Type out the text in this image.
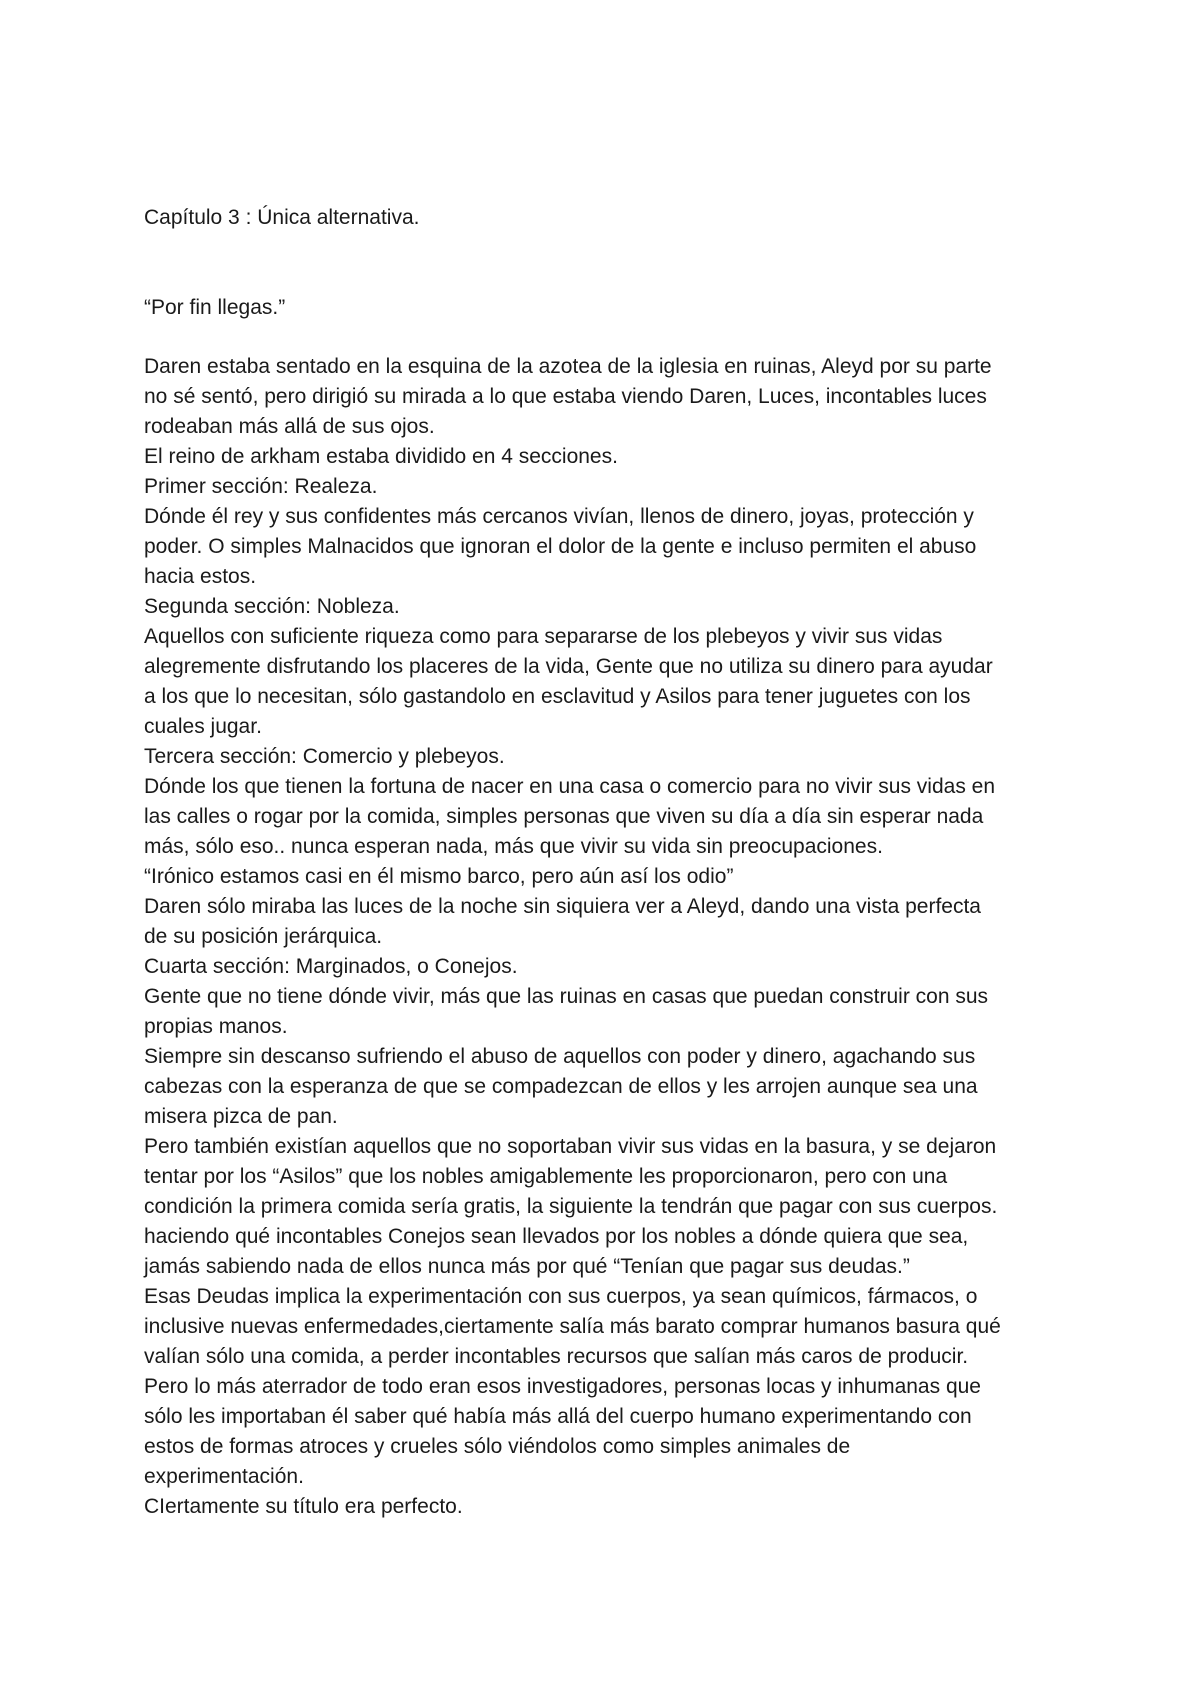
Capítulo 3 : Única alternativa.

“Por fin llegas.”

Daren estaba sentado en la esquina de la azotea de la iglesia en ruinas, Aleyd por su parte
no sé sentó, pero dirigió su mirada a lo que estaba viendo Daren, Luces, incontables luces
rodeaban más allá de sus ojos.
El reino de arkham estaba dividido en 4 secciones.
Primer sección: Realeza.
Dónde él rey y sus confidentes más cercanos vivían, llenos de dinero, joyas, protección y
poder. O simples Malnacidos que ignoran el dolor de la gente e incluso permiten el abuso
hacia estos.
Segunda sección: Nobleza.
Aquellos con suficiente riqueza como para separarse de los plebeyos y vivir sus vidas
alegremente disfrutando los placeres de la vida, Gente que no utiliza su dinero para ayudar
a los que lo necesitan, sólo gastandolo en esclavitud y Asilos para tener juguetes con los
cuales jugar.
Tercera sección: Comercio y plebeyos.
Dónde los que tienen la fortuna de nacer en una casa o comercio para no vivir sus vidas en
las calles o rogar por la comida, simples personas que viven su día a día sin esperar nada
más, sólo eso.. nunca esperan nada, más que vivir su vida sin preocupaciones.
“Irónico estamos casi en él mismo barco, pero aún así los odio”
Daren sólo miraba las luces de la noche sin siquiera ver a Aleyd, dando una vista perfecta
de su posición jerárquica.
Cuarta sección: Marginados, o Conejos.
Gente que no tiene dónde vivir, más que las ruinas en casas que puedan construir con sus
propias manos.
Siempre sin descanso sufriendo el abuso de aquellos con poder y dinero, agachando sus
cabezas con la esperanza de que se compadezcan de ellos y les arrojen aunque sea una
misera pizca de pan.
Pero también existían aquellos que no soportaban vivir sus vidas en la basura, y se dejaron
tentar por los “Asilos” que los nobles amigablemente les proporcionaron, pero con una
condición la primera comida sería gratis, la siguiente la tendrán que pagar con sus cuerpos.
haciendo qué incontables Conejos sean llevados por los nobles a dónde quiera que sea,
jamás sabiendo nada de ellos nunca más por qué “Tenían que pagar sus deudas.”
Esas Deudas implica la experimentación con sus cuerpos, ya sean químicos, fármacos, o
inclusive nuevas enfermedades,ciertamente salía más barato comprar humanos basura qué
valían sólo una comida, a perder incontables recursos que salían más caros de producir.
Pero lo más aterrador de todo eran esos investigadores, personas locas y inhumanas que
sólo les importaban él saber qué había más allá del cuerpo humano experimentando con
estos de formas atroces y crueles sólo viéndolos como simples animales de
experimentación.
CIertamente su título era perfecto.
